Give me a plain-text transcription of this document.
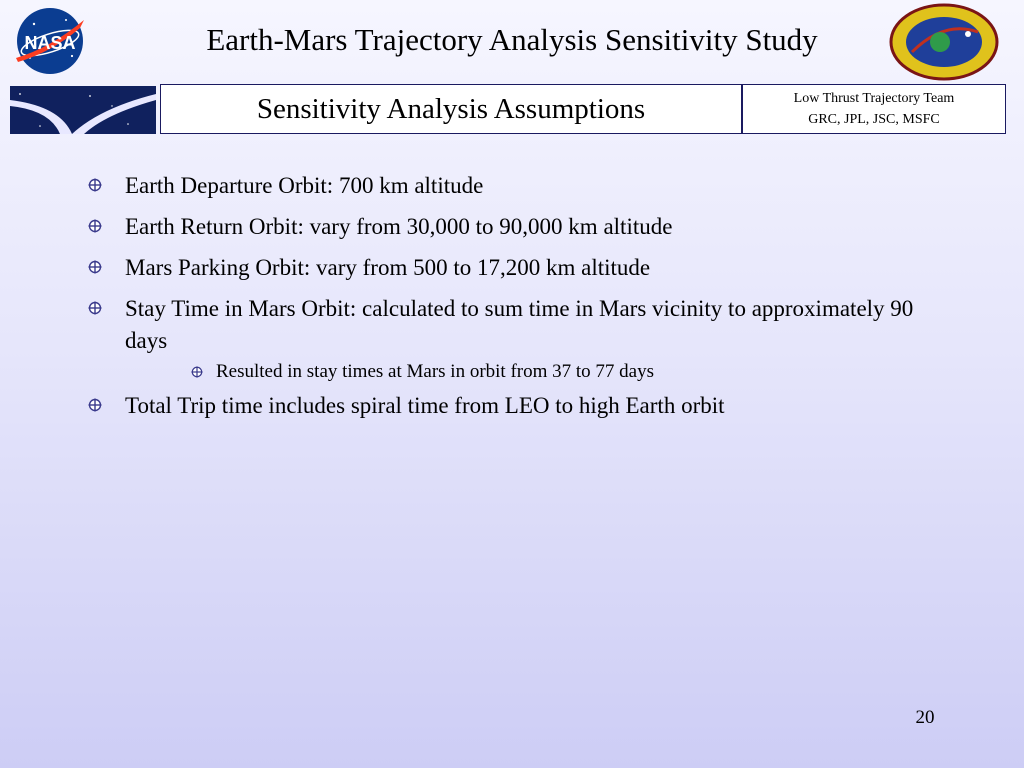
Earth-Mars Trajectory Analysis Sensitivity Study
NASA
Sensitivity Analysis Assumptions	Low Thrust Trajectory Team
GRC, JPL, JSC, MSFC
Earth Departure Orbit: 700 km altitude
Earth Return Orbit: vary from 30,000 to 90,000 km altitude
Mars Parking Orbit: vary from 500 to 17,200 km altitude
Stay Time in Mars Orbit: calculated to sum time in Mars vicinity to approximately 90 days
Resulted in stay times at Mars in orbit from 37 to 77 days
Total Trip time includes spiral time from LEO to high Earth orbit
20
